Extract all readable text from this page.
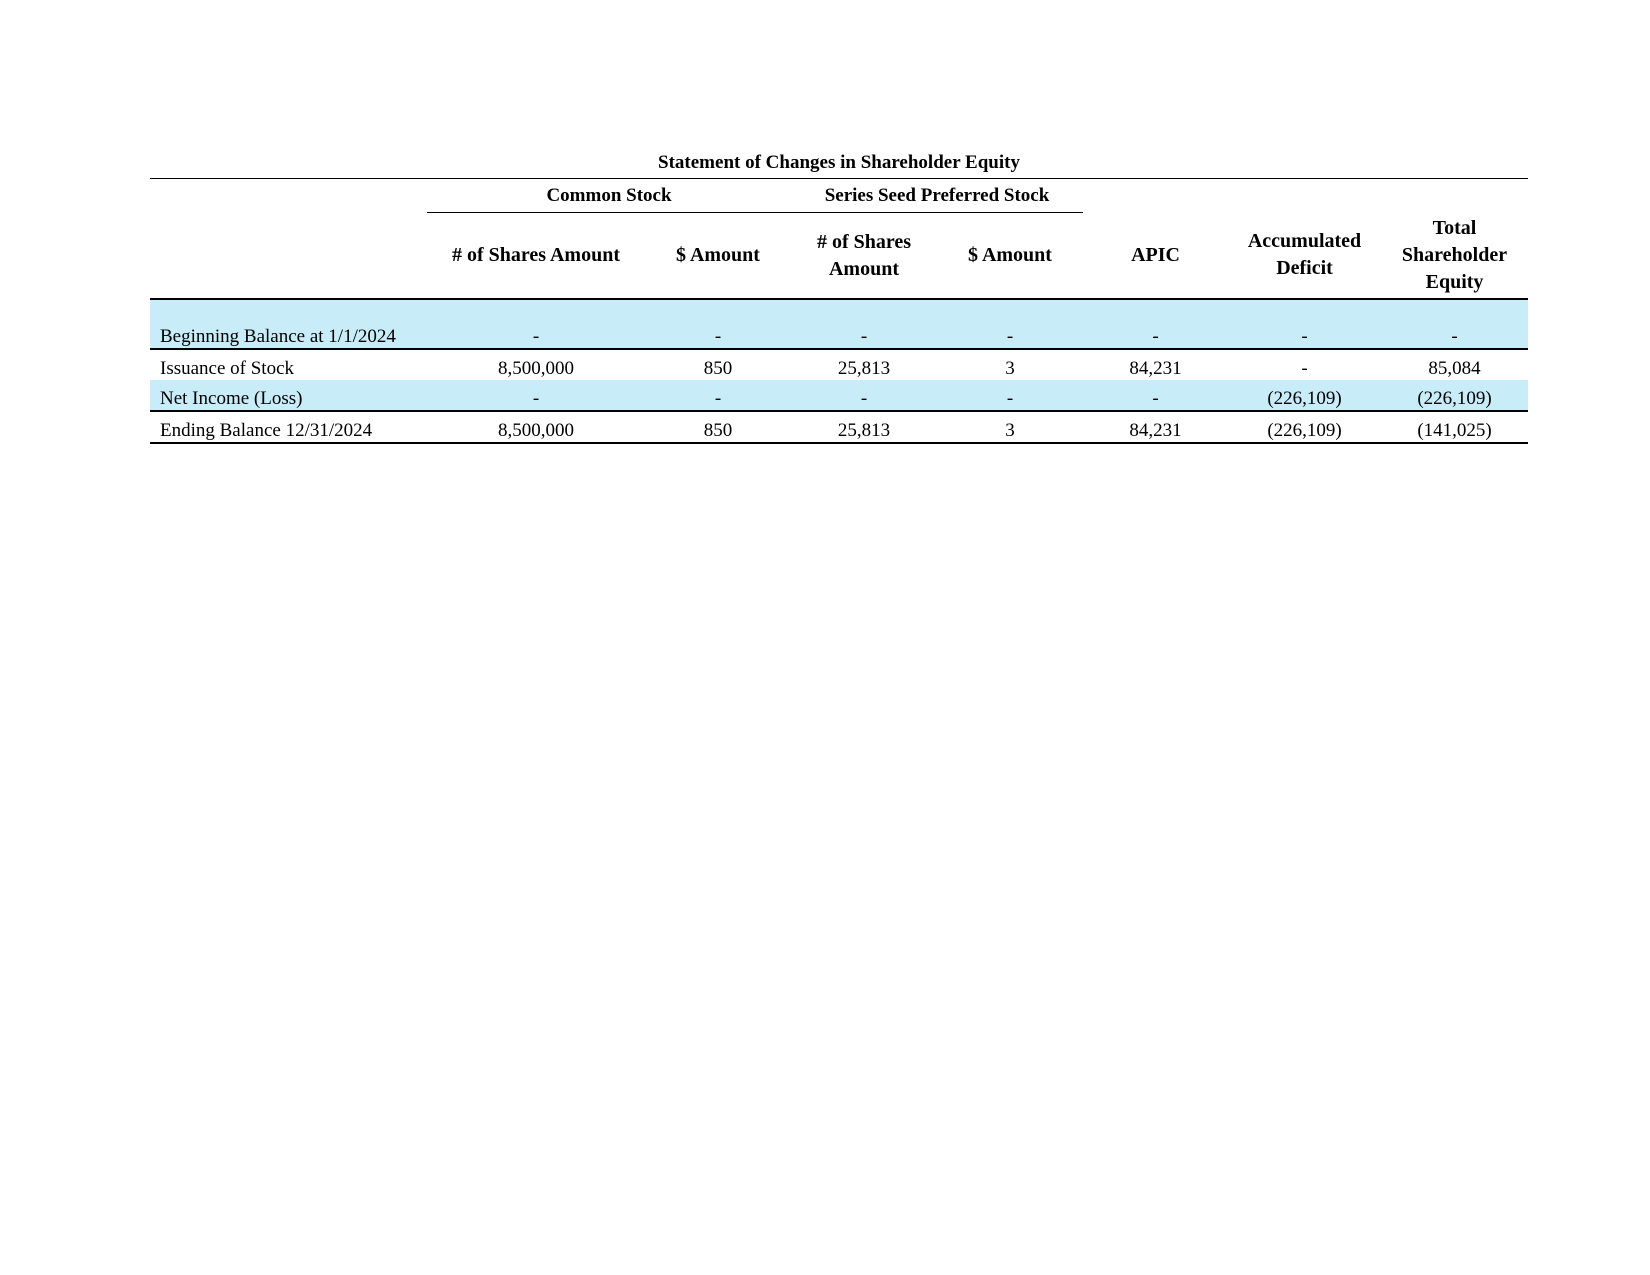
Statement of Changes in Shareholder Equity
	Common Stock		Series Seed Preferred Stock				
	# of Shares Amount	$ Amount	# of Shares Amount	$ Amount	APIC	Accumulated Deficit	Total Shareholder Equity
Beginning Balance at 1/1/2024	-	-	-	-	-	-	-
Issuance of Stock	8,500,000	850	25,813	3	84,231	-	85,084
Net Income (Loss)	-	-	-	-	-	(226,109)	(226,109)
Ending Balance 12/31/2024	8,500,000	850	25,813	3	84,231	(226,109)	(141,025)
